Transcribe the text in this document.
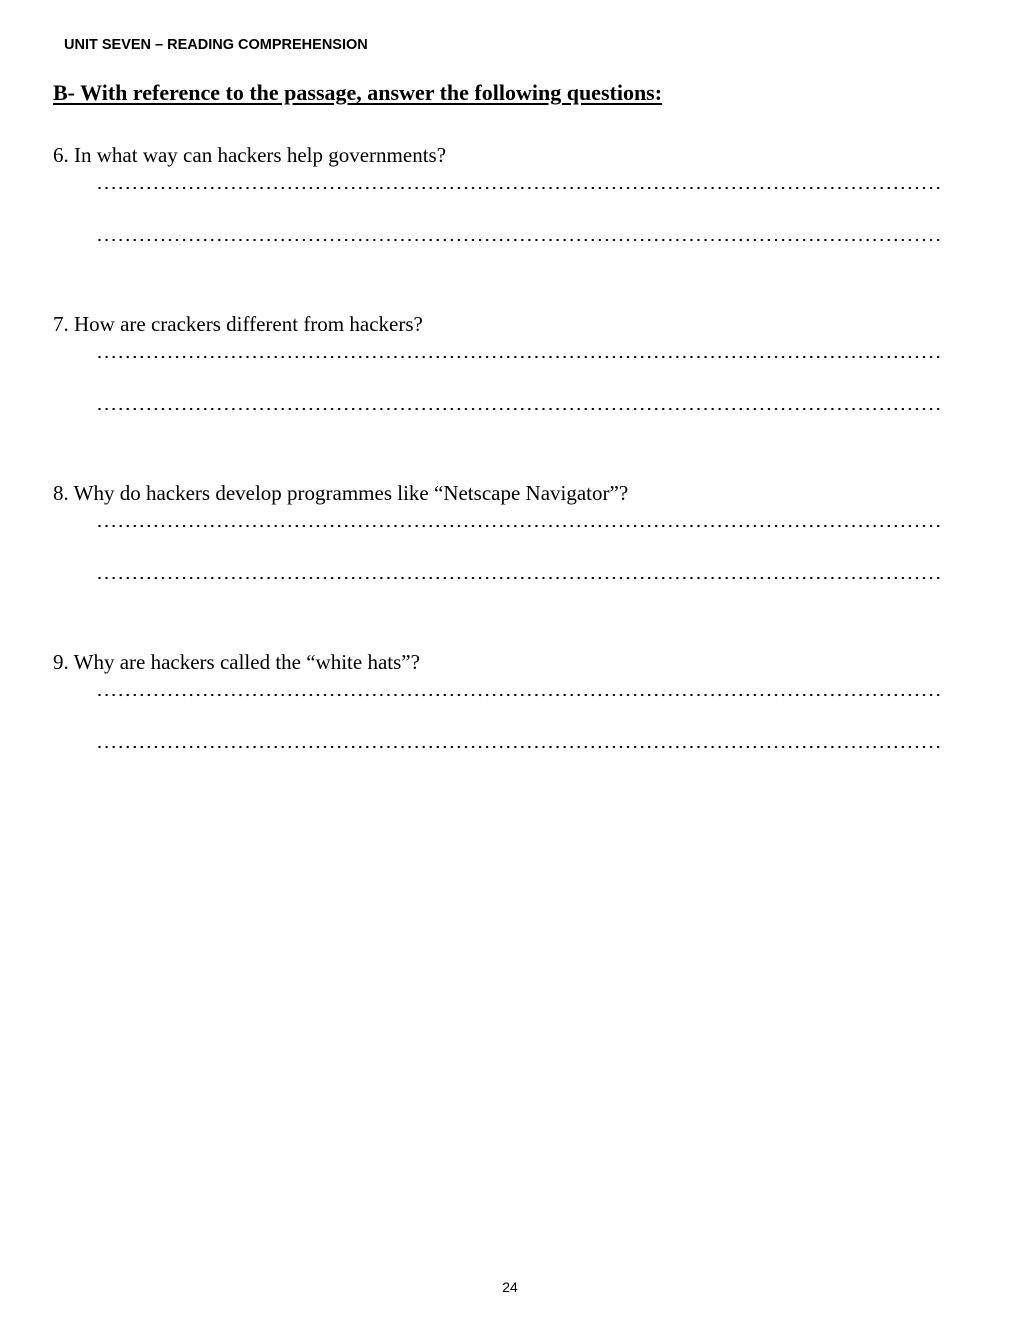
UNIT SEVEN – READING COMPREHENSION
B- With reference to the passage, answer the following questions:
6. In what way can hackers help governments?
7. How are crackers different from hackers?
8. Why do hackers develop programmes like “Netscape Navigator”?
9. Why are hackers called the “white hats”?
24
